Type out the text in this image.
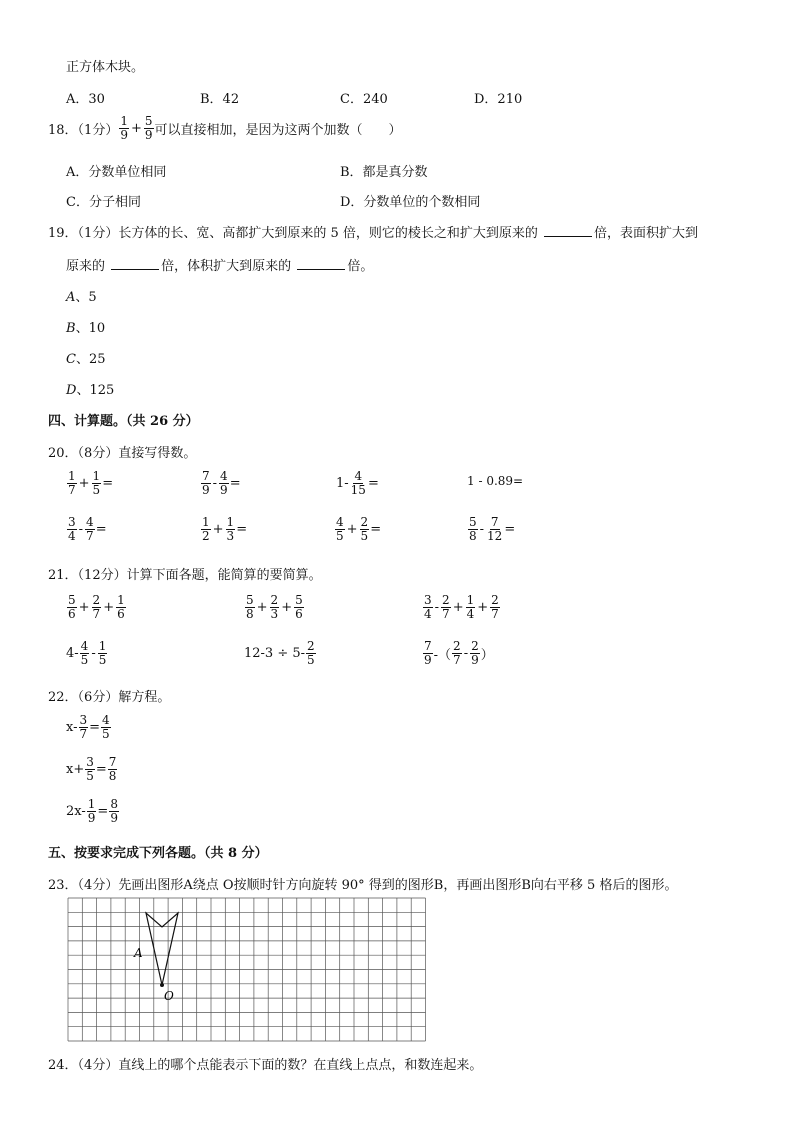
正方体木块。
A．30	B．42	C．240	D．210
18．（1分） $\frac{1}{9} + \frac{5}{9}$ 可以直接相加，是因为这两个加数（　　）
A．分数单位相同	B．都是真分数
C．分子相同	D．分数单位的个数相同
19．（1分）长方体的长、宽、高都扩大到原来的 5 倍，则它的棱长之和扩大到原来的	倍，表面积扩大到
原来的	倍，体积扩大到原来的	倍。
A、5
B、10
C、25
D、125
四、计算题。（共 26 分）
20．（8分）直接写得数。
$\frac{1}{7} + \frac{1}{5}$ =	$\frac{7}{9} - \frac{4}{9}$ =	$1- \frac{4}{15}$ =	1 - 0.89=
$\frac{3}{4} - \frac{4}{7}$ =	$\frac{1}{2} + \frac{1}{3}$ =	$\frac{4}{5} + \frac{2}{5}$ =	$\frac{5}{8} - \frac{7}{12}$ =
21．（12分）计算下面各题，能简算的要简算。
$\frac{5}{6} + \frac{2}{7} + \frac{1}{6}$	$\frac{5}{8} + \frac{2}{3} + \frac{5}{6}$	$\frac{3}{4} - \frac{2}{7} + \frac{1}{4} + \frac{2}{7}$
$4- \frac{4}{5} - \frac{1}{5}$	$12-3 \div 5- \frac{2}{5}$	$\frac{7}{9}$ -（ $\frac{2}{7} - \frac{2}{9}$ ）
22．（6分）解方程。
$x- \frac{3}{7} = \frac{4}{5}$
$x+ \frac{3}{5} = \frac{7}{8}$
$2x- \frac{1}{9} = \frac{8}{9}$
五、按要求完成下列各题。（共 8 分）
23．（4分）先画出图形A绕点 O按顺时针方向旋转 90° 得到的图形B，再画出图形B向右平移 5 格后的图形。
A
O
24．（4分）直线上的哪个点能表示下面的数？在直线上点点，和数连起来。
